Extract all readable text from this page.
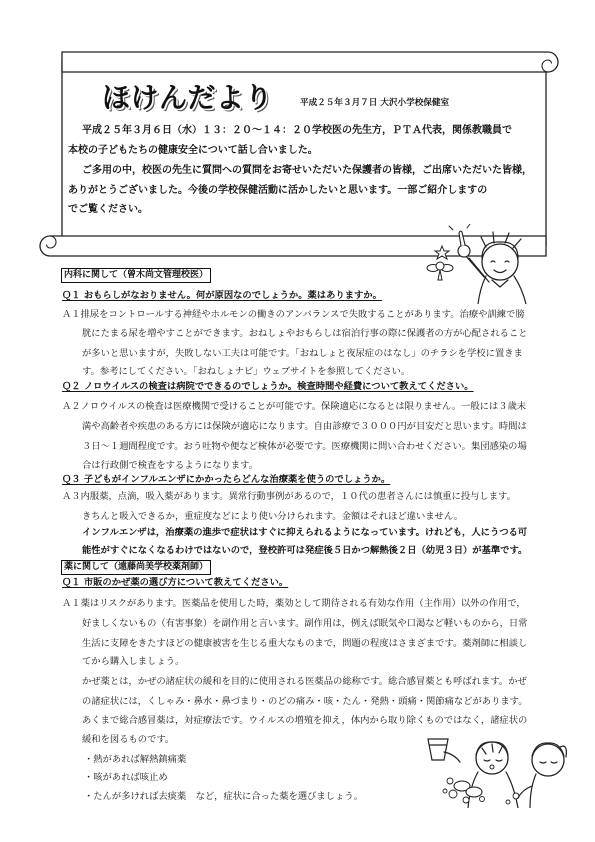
ほけんだより	平成２５年３月７日 大沢小学校保健室
平成２５年３月６日（水）１３：２０～１４：２０学校医の先生方，ＰＴＡ代表，関係教職員で
本校の子どもたちの健康安全について話し合いました。
ご多用の中，校医の先生に質問への質問をお寄せいただいた保護者の皆様，ご出席いただいた皆様，
ありがとうございました。今後の学校保健活動に活かしたいと思います。一部ご紹介しますの
でご覧ください。
内科に関して（曾木尚文管理校医）
Ｑ１ おもらしがなおりません。何が原因なのでしょうか。薬はありますか。
Ａ１排尿をコントロールする神経やホルモンの働きのアンバランスで失敗することがあります。治療や訓練で膀
胱にたまる尿を増やすことができます。おねしょやおもらしは宿泊行事の際に保護者の方が心配されること
が多いと思いますが，失敗しない工夫は可能です。「おねしょと夜尿症のはなし」のチラシを学校に置きま
す。参考にしてください。「おねしょナビ」ウェブサイトを参照してください。
Ｑ２ ノロウイルスの検査は病院でできるのでしょうか。検査時間や経費について教えてください。
Ａ２ノロウイルスの検査は医療機関で受けることが可能です。保険適応になるとは限りません。一般には３歳未
満や高齢者や疾患のある方には保険が適応になります。自由診療で３０００円が目安だと思います。時間は
３日～１週間程度です。おう吐物や便など検体が必要です。医療機関に問い合わせください。集団感染の場
合は行政側で検査をするようになります。
Ｑ３ 子どもがインフルエンザにかかったらどんな治療薬を使うのでしょうか。
Ａ３内服薬，点滴，吸入薬があります。異常行動事例があるので，１０代の患者さんには慎重に投与します。
きちんと吸入できるか，重症度などにより使い分けられます。金額はそれほど違いません。
インフルエンザは，治療薬の進歩で症状はすぐに抑えられるようになっています。けれども，人にうつる可
能性がすぐになくなるわけではないので，登校許可は発症後５日かつ解熱後２日（幼児３日）が基準です。
薬に関して（遠藤尚美学校薬剤師）
Ｑ１ 市販のかぜ薬の選び方について教えてください。
Ａ１薬はリスクがあります。医薬品を使用した時，薬効として期待される有効な作用（主作用）以外の作用で，
好ましくないもの（有害事象）を副作用と言います。副作用は，例えば眠気や口渇など軽いものから，日常
生活に支障をきたすほどの健康被害を生じる重大なものまで，問題の程度はさまざまです。薬剤師に相談し
てから購入しましょう。
かぜ薬とは，かぜの諸症状の緩和を目的に使用される医薬品の総称です。総合感冒薬とも呼ばれます。かぜ
の諸症状には，くしゃみ・鼻水・鼻づまり・のどの痛み・咳・たん・発熱・頭痛・関節痛などがあります。
あくまで総合感冒薬は，対症療法です。ウイルスの増殖を抑え，体内から取り除くものではなく，諸症状の
緩和を図るものです。
・熱があれば解熱鎮痛薬
・咳があれば咳止め
・たんが多ければ去痰薬　など，症状に合った薬を選びましょう。
